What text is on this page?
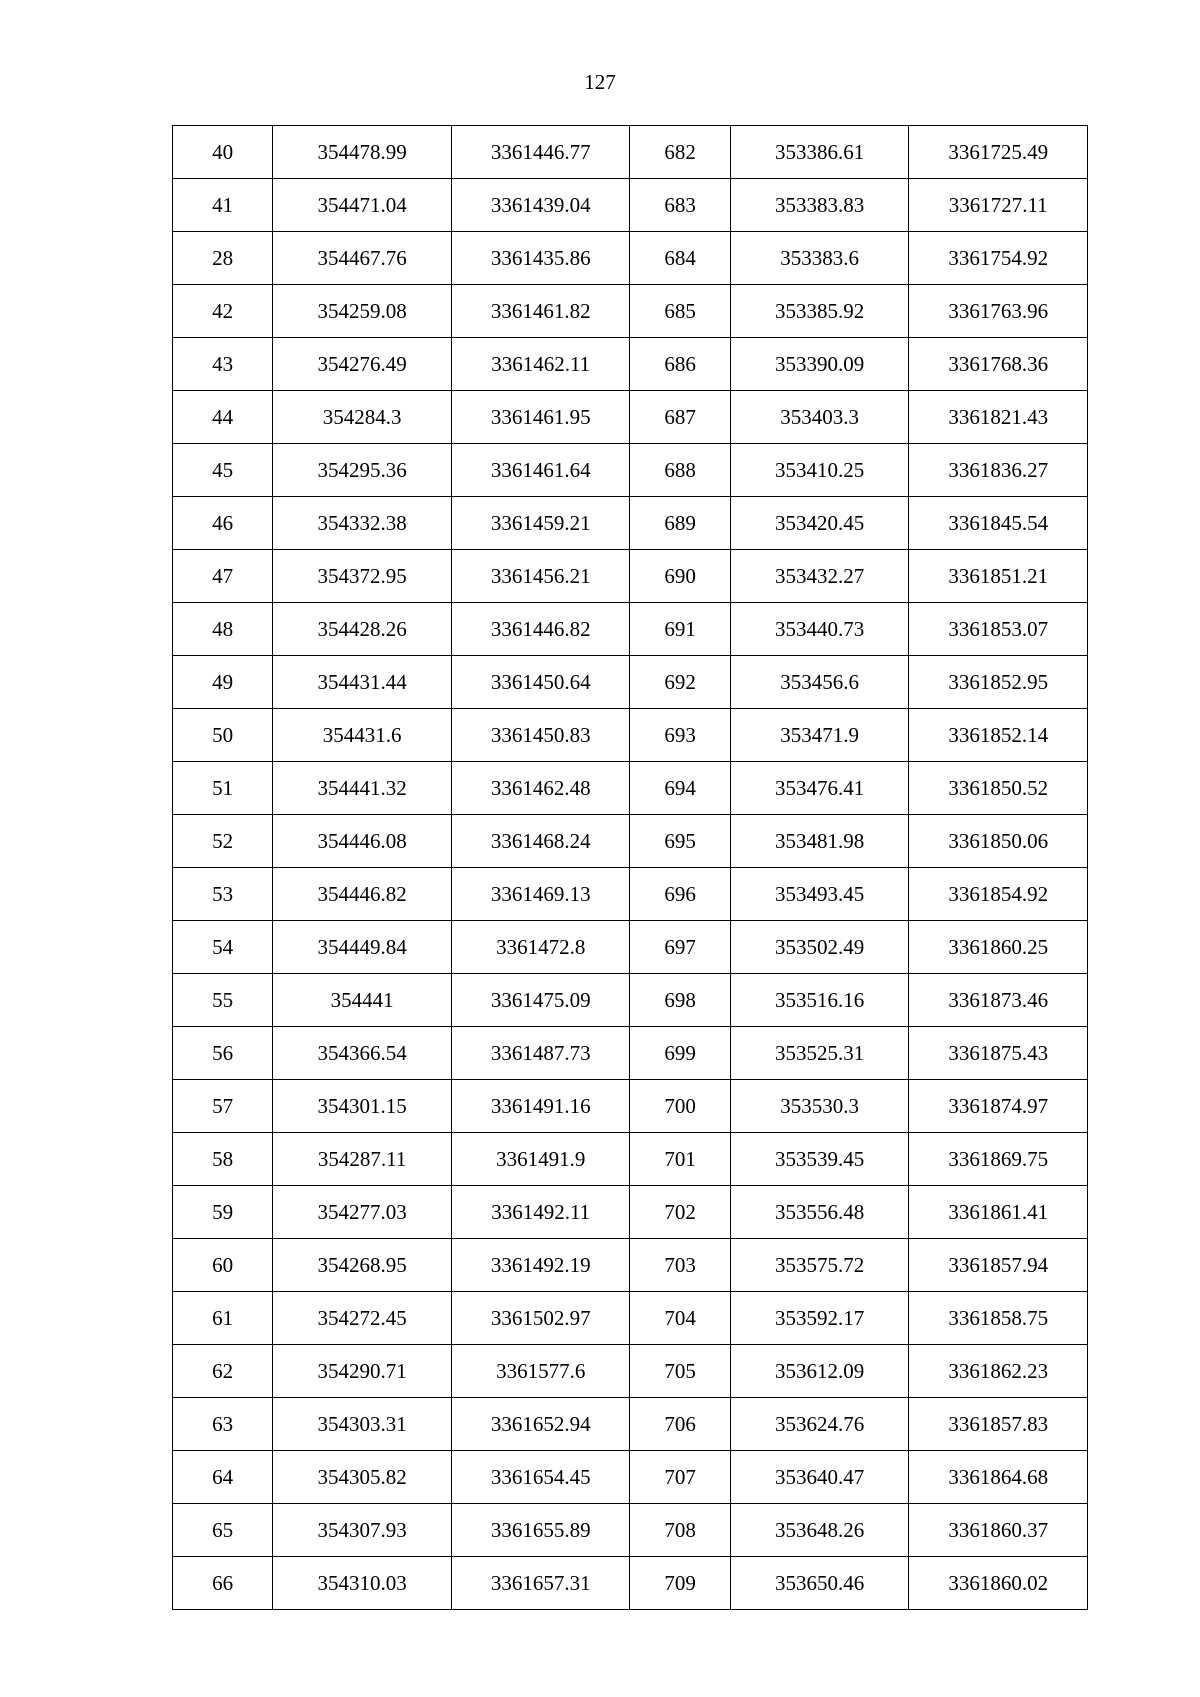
127
40	354478.99	3361446.77	682	353386.61	3361725.49
41	354471.04	3361439.04	683	353383.83	3361727.11
28	354467.76	3361435.86	684	353383.6	3361754.92
42	354259.08	3361461.82	685	353385.92	3361763.96
43	354276.49	3361462.11	686	353390.09	3361768.36
44	354284.3	3361461.95	687	353403.3	3361821.43
45	354295.36	3361461.64	688	353410.25	3361836.27
46	354332.38	3361459.21	689	353420.45	3361845.54
47	354372.95	3361456.21	690	353432.27	3361851.21
48	354428.26	3361446.82	691	353440.73	3361853.07
49	354431.44	3361450.64	692	353456.6	3361852.95
50	354431.6	3361450.83	693	353471.9	3361852.14
51	354441.32	3361462.48	694	353476.41	3361850.52
52	354446.08	3361468.24	695	353481.98	3361850.06
53	354446.82	3361469.13	696	353493.45	3361854.92
54	354449.84	3361472.8	697	353502.49	3361860.25
55	354441	3361475.09	698	353516.16	3361873.46
56	354366.54	3361487.73	699	353525.31	3361875.43
57	354301.15	3361491.16	700	353530.3	3361874.97
58	354287.11	3361491.9	701	353539.45	3361869.75
59	354277.03	3361492.11	702	353556.48	3361861.41
60	354268.95	3361492.19	703	353575.72	3361857.94
61	354272.45	3361502.97	704	353592.17	3361858.75
62	354290.71	3361577.6	705	353612.09	3361862.23
63	354303.31	3361652.94	706	353624.76	3361857.83
64	354305.82	3361654.45	707	353640.47	3361864.68
65	354307.93	3361655.89	708	353648.26	3361860.37
66	354310.03	3361657.31	709	353650.46	3361860.02
